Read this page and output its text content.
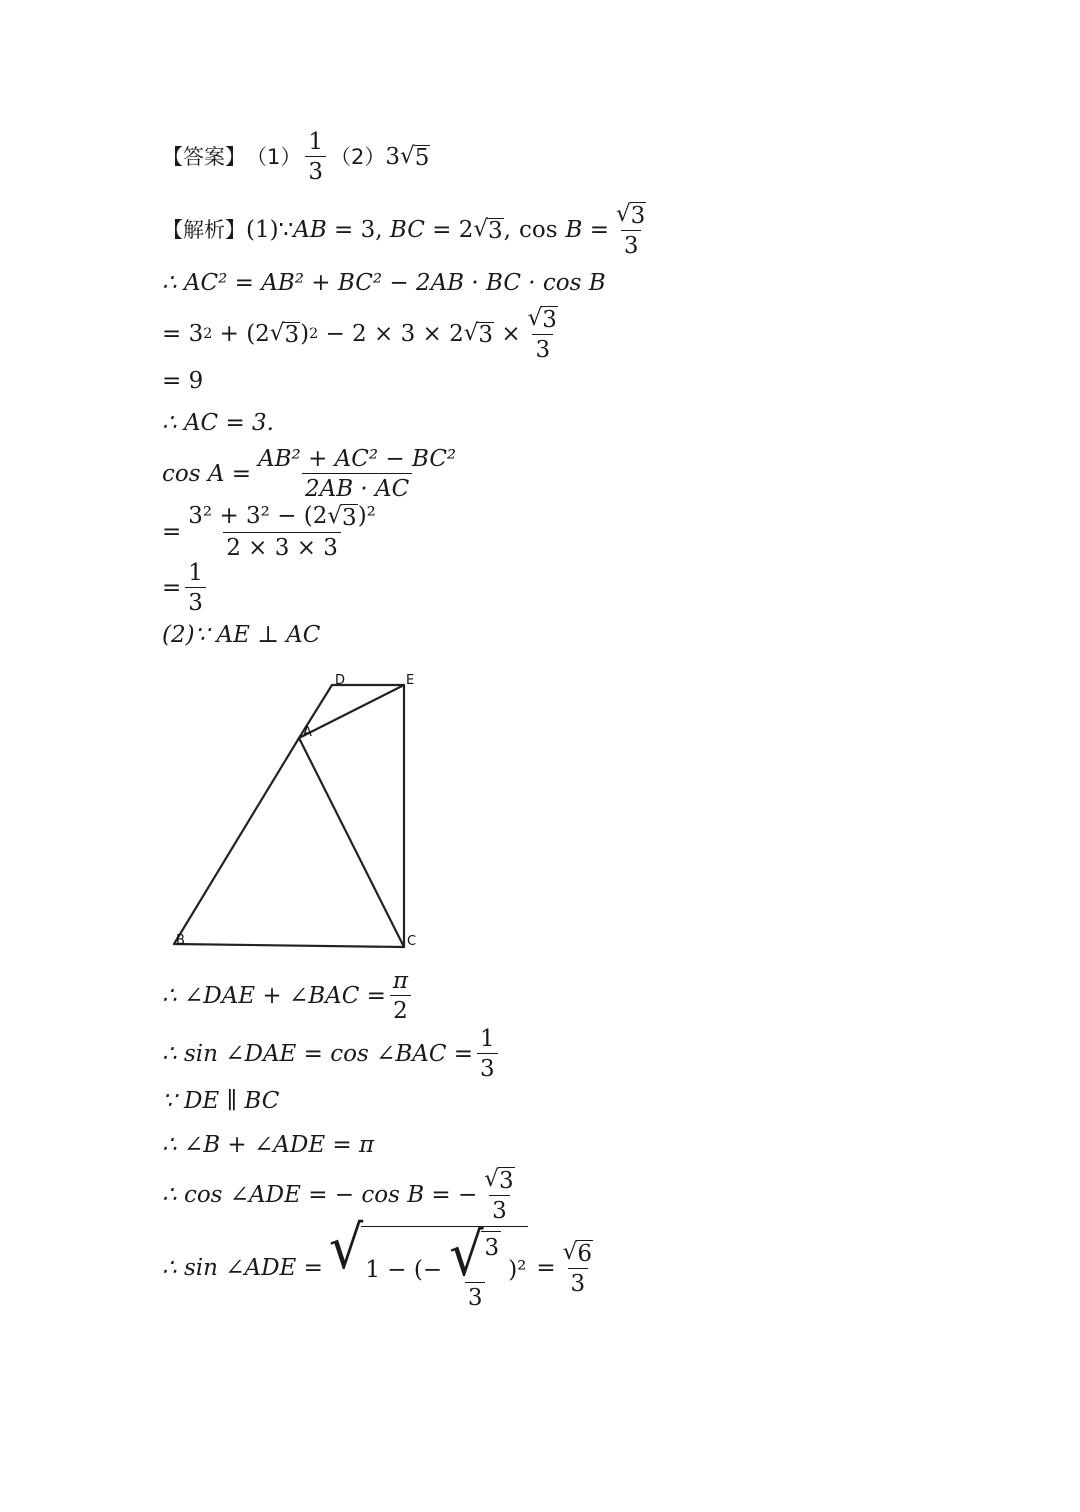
【答案】 $(1) \frac{1}{3} (2)$ 3 √ 5
【解析】 (1)∵ AB = 3, BC = 2 √ 3 , $\cos B = \frac{√ 3}{3}$
∴ AC² = AB² + BC² − 2AB · BC · cos B
= 3 2 + (2 √ 3 ) 2 − 2 × 3 × 2 √ $3 \times \frac{√ 3}{3}$
= 9
∴ AC = 3.
$\cos A = \frac{\text{AB² + AC² − BC²}}{2AB \cdot AC}$
= $\frac{\text{3² + 3² − (2 √ 3 )²}}{2 \times 3 \times 3}$
= $\frac{1}{3}$
(2)∵ AE ⊥ AC
D	E
A
B	C
∴ ∠DAE + ∠BAC = $\frac{\pi}{2}$
∴ sin ∠DAE = cos ∠BAC = $\frac{1}{3}$
∵ DE ∥ BC
∴ ∠B + ∠ADE = π
∴ cos ∠ADE = − cos B = − $\frac{√ 3}{3}$
∴ sin ∠ADE = √ 1 − (− $\frac{√ 3}{3} )^2 = \frac{√ 6}{3}$
